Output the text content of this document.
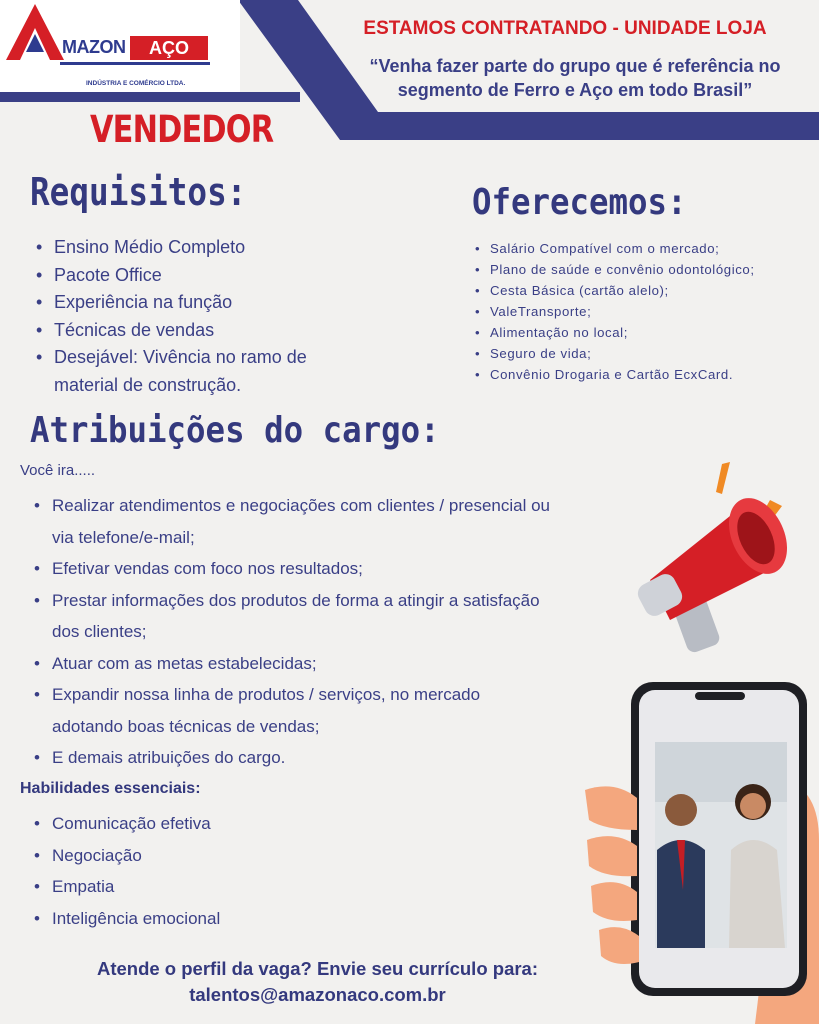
MAZON	AÇO
INDÚSTRIA E COMÉRCIO LTDA.
ESTAMOS CONTRATANDO - UNIDADE LOJA
“Venha fazer parte do grupo que é referência no
segmento de Ferro e Aço em todo Brasil”
VENDEDOR
Requisitos:
• Ensino Médio Completo
• Pacote Office
• Experiência na função
• Técnicas de vendas
• Desejável: Vivência no ramo de material de construção.
Oferecemos:
• Salário Compatível com o mercado;
• Plano de saúde e convênio odontológico;
• Cesta Básica (cartão alelo);
• ValeTransporte;
• Alimentação no local;
• Seguro de vida;
• Convênio Drogaria e Cartão EcxCard.
Atribuições do cargo:
Você ira.....
• Realizar atendimentos e negociações com clientes / presencial ou via telefone/e-mail;
• Efetivar vendas com foco nos resultados;
• Prestar informações dos produtos de forma a atingir a satisfação dos clientes;
• Atuar com as metas estabelecidas;
• Expandir nossa linha de produtos / serviços, no mercado adotando boas técnicas de vendas;
• E demais atribuições do cargo.
Habilidades essenciais:
• Comunicação efetiva
• Negociação
• Empatia
• Inteligência emocional
Atende o perfil da vaga? Envie seu currículo para:
talentos@amazonaco.com.br
